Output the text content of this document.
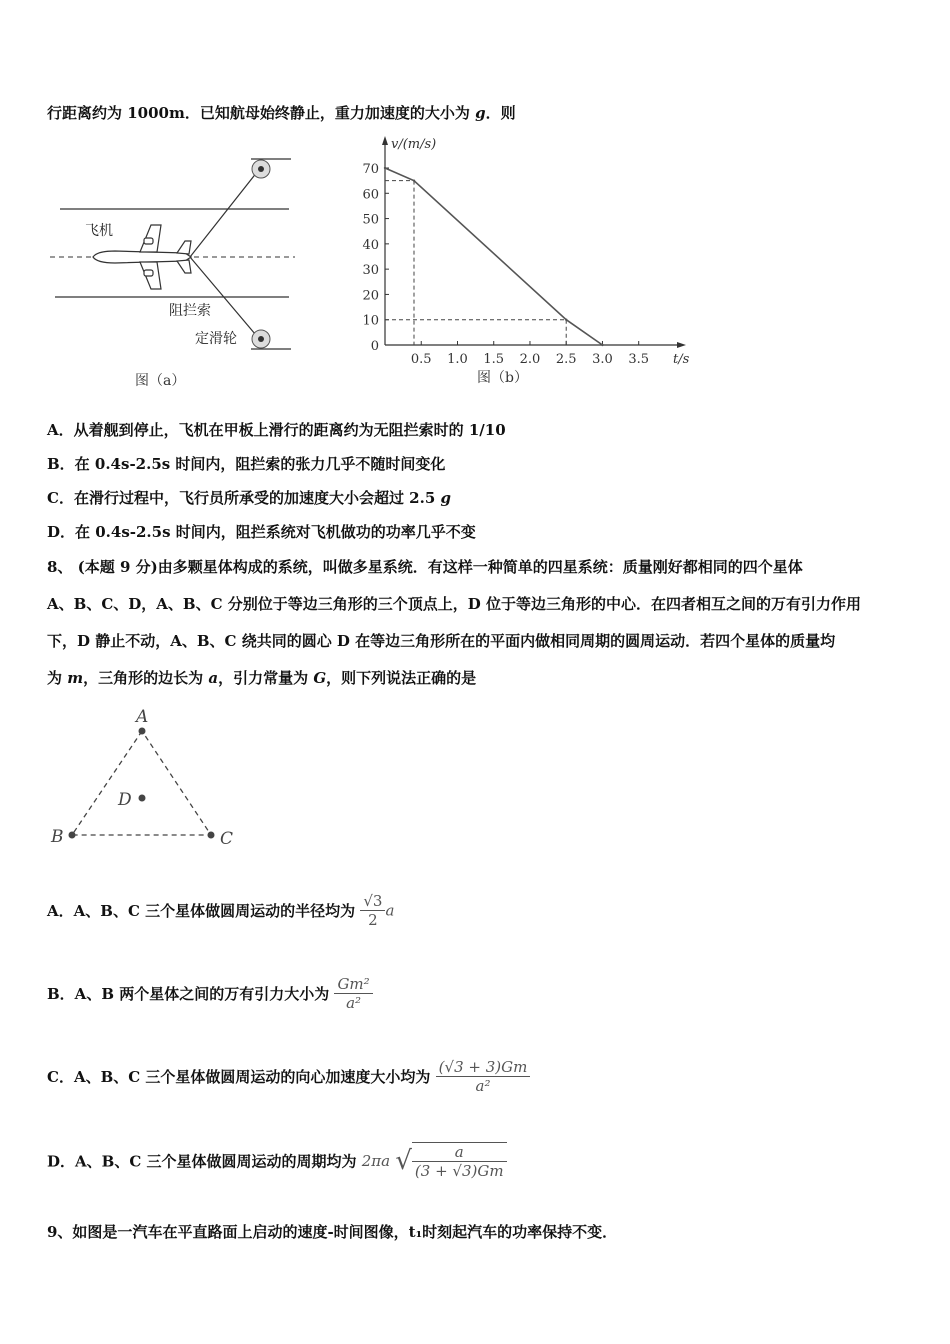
行距离约为 1000m．已知航母始终静止，重力加速度的大小为 g．则
飞机
阻拦索
定滑轮
图（a）
v/(m/s)
t/s
0
10
20
30
40
50
60
70
0.5 1.0 1.5 2.0 2.5 3.0 3.5
图（b）
A．从着舰到停止，飞机在甲板上滑行的距离约为无阻拦索时的 1/10
B．在 0.4s-2.5s 时间内，阻拦索的张力几乎不随时间变化
C．在滑行过程中，飞行员所承受的加速度大小会超过 2.5 g
D．在 0.4s-2.5s 时间内，阻拦系统对飞机做功的功率几乎不变
8、 (本题 9 分)由多颗星体构成的系统，叫做多星系统．有这样一种简单的四星系统：质量刚好都相同的四个星体
A、B、C、D，A、B、C 分别位于等边三角形的三个顶点上，D 位于等边三角形的中心．在四者相互之间的万有引力作用
下，D 静止不动，A、B、C 绕共同的圆心 D 在等边三角形所在的平面内做相同周期的圆周运动．若四个星体的质量均
为 m，三角形的边长为 a，引力常量为 G，则下列说法正确的是
A
B	C
D
A．A、B、C 三个星体做圆周运动的半径均为 $\frac{√3}{2}$ a
B．A、B 两个星体之间的万有引力大小为 $\frac{\text{Gm²}}{\text{a²}}$
C．A、B、C 三个星体做圆周运动的向心加速度大小均为 $\frac{(√3 + 3)Gm}{\text{a²}}$
D．A、B、C 三个星体做圆周运动的周期均为 2πa √ $\frac{a}{(3 + √3)Gm}$
9、如图是一汽车在平直路面上启动的速度-时间图像，t₁时刻起汽车的功率保持不变．
